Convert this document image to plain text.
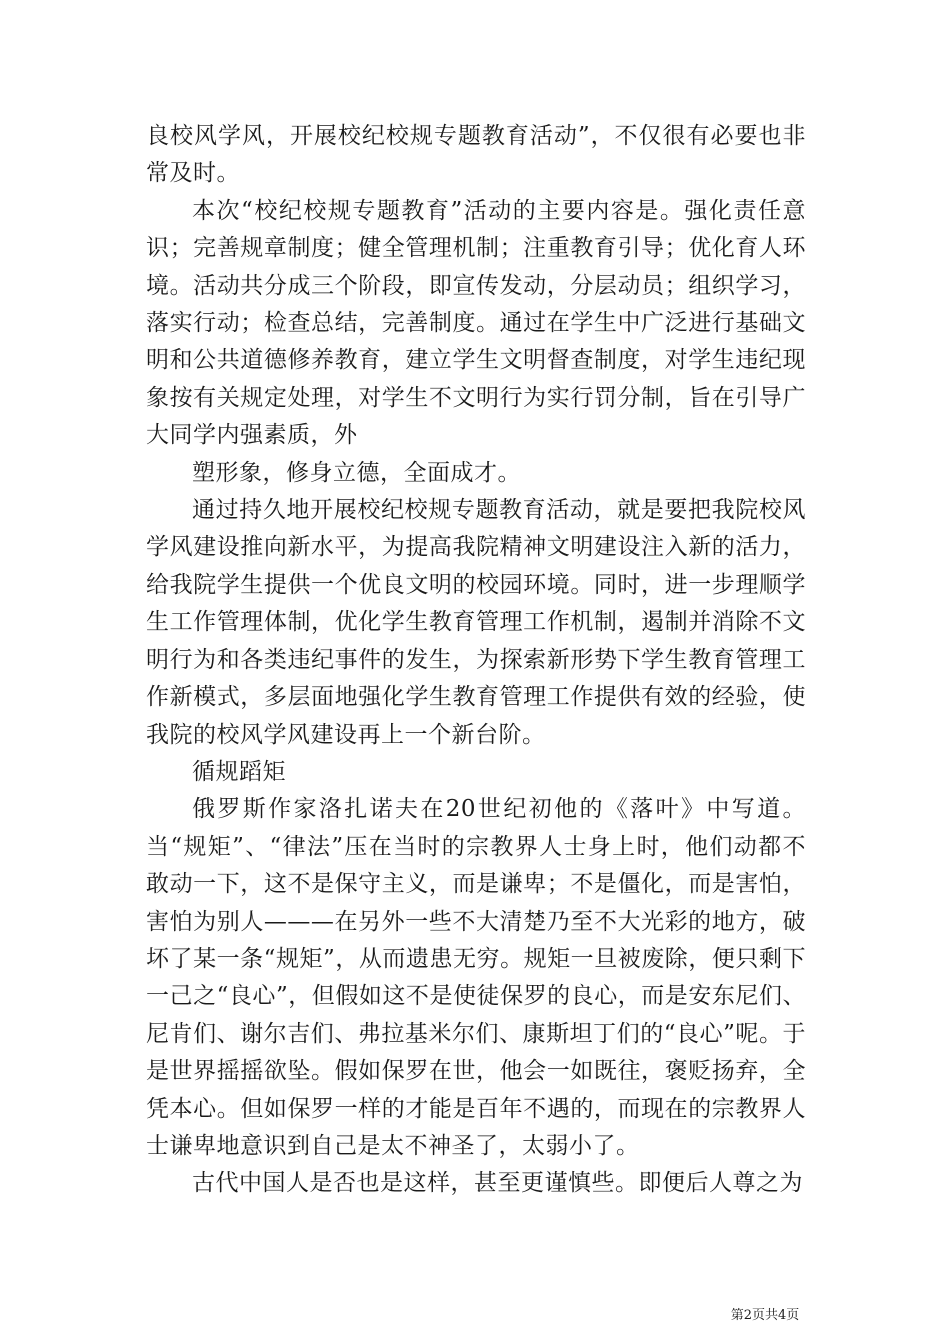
良校风学风，开展校纪校规专题教育活动”，不仅很有必要也非常及时。

本次“校纪校规专题教育”活动的主要内容是。强化责任意识；完善规章制度；健全管理机制；注重教育引导；优化育人环境。活动共分成三个阶段，即宣传发动，分层动员；组织学习，落实行动；检查总结，完善制度。通过在学生中广泛进行基础文明和公共道德修养教育，建立学生文明督查制度，对学生违纪现象按有关规定处理，对学生不文明行为实行罚分制，旨在引导广大同学内强素质，外

塑形象，修身立德，全面成才。

通过持久地开展校纪校规专题教育活动，就是要把我院校风学风建设推向新水平，为提高我院精神文明建设注入新的活力，给我院学生提供一个优良文明的校园环境。同时，进一步理顺学生工作管理体制，优化学生教育管理工作机制，遏制并消除不文明行为和各类违纪事件的发生，为探索新形势下学生教育管理工作新模式，多层面地强化学生教育管理工作提供有效的经验，使我院的校风学风建设再上一个新台阶。

循规蹈矩

俄罗斯作家洛扎诺夫在20世纪初他的《落叶》中写道。当“规矩”、“律法”压在当时的宗教界人士身上时，他们动都不敢动一下，这不是保守主义，而是谦卑；不是僵化，而是害怕，害怕为别人———在另外一些不大清楚乃至不大光彩的地方，破坏了某一条“规矩”，从而遗患无穷。规矩一旦被废除，便只剩下一己之“良心”，但假如这不是使徒保罗的良心，而是安东尼们、尼肯们、谢尔吉们、弗拉基米尔们、康斯坦丁们的“良心”呢。于是世界摇摇欲坠。假如保罗在世，他会一如既往，褒贬扬弃，全凭本心。但如保罗一样的才能是百年不遇的，而现在的宗教界人士谦卑地意识到自己是太不神圣了，太弱小了。

古代中国人是否也是这样，甚至更谨慎些。即便后人尊之为

第2页共4页
